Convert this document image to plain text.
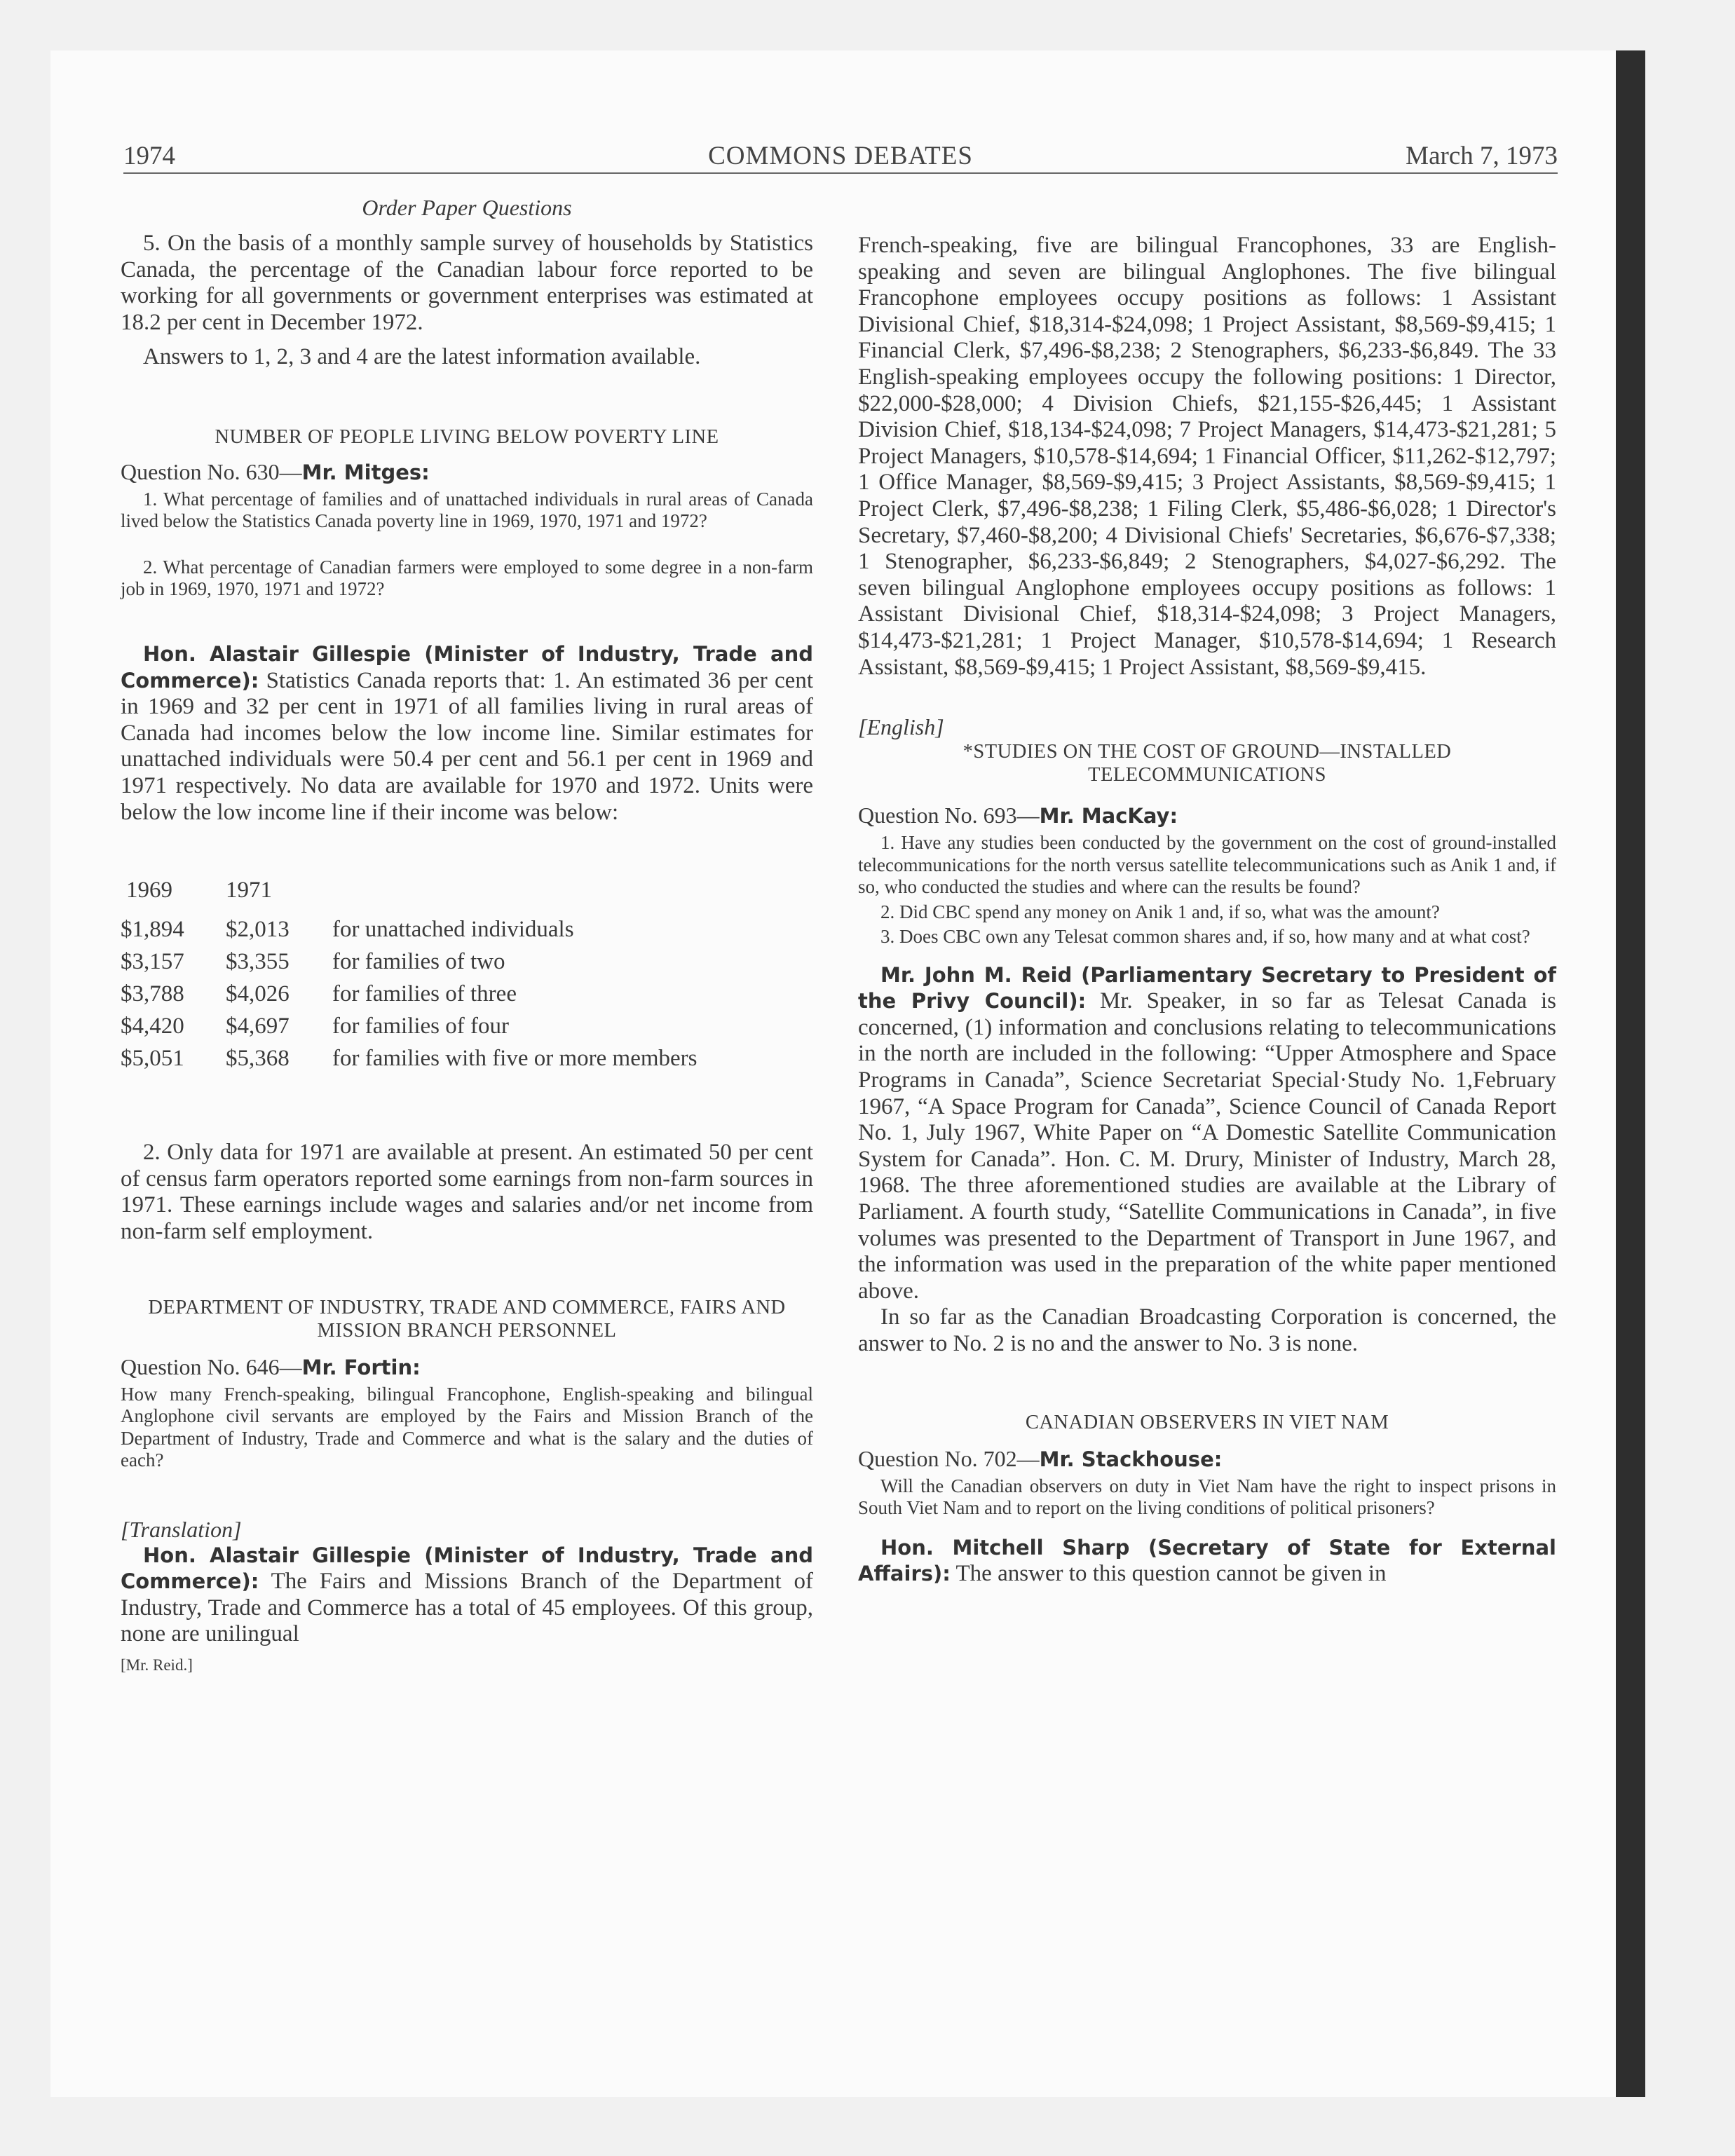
1974	COMMONS DEBATES	March 7, 1973

Order Paper Questions

5. On the basis of a monthly sample survey of households by Statistics Canada, the percentage of the Canadian labour force reported to be working for all governments or government enterprises was estimated at 18.2 per cent in December 1972.

Answers to 1, 2, 3 and 4 are the latest information available.

NUMBER OF PEOPLE LIVING BELOW POVERTY LINE

Question No. 630—Mr. Mitges:

1. What percentage of families and of unattached individuals in rural areas of Canada lived below the Statistics Canada poverty line in 1969, 1970, 1971 and 1972?

2. What percentage of Canadian farmers were employed to some degree in a non-farm job in 1969, 1970, 1971 and 1972?

Hon. Alastair Gillespie (Minister of Industry, Trade and Commerce): Statistics Canada reports that: 1. An estimated 36 per cent in 1969 and 32 per cent in 1971 of all families living in rural areas of Canada had incomes below the low income line. Similar estimates for unattached individuals were 50.4 per cent and 56.1 per cent in 1969 and 1971 respectively. No data are available for 1970 and 1972. Units were below the low income line if their income was below:

1969	1971	

$1,894	$2,013	for unattached individuals
$3,157	$3,355	for families of two
$3,788	$4,026	for families of three
$4,420	$4,697	for families of four
$5,051	$5,368	for families with five or more members

2. Only data for 1971 are available at present. An estimated 50 per cent of census farm operators reported some earnings from non-farm sources in 1971. These earnings include wages and salaries and/or net income from non-farm self employment.

DEPARTMENT OF INDUSTRY, TRADE AND COMMERCE, FAIRS AND MISSION BRANCH PERSONNEL

Question No. 646—Mr. Fortin:

How many French-speaking, bilingual Francophone, English-speaking and bilingual Anglophone civil servants are employed by the Fairs and Mission Branch of the Department of Industry, Trade and Commerce and what is the salary and the duties of each?

[Translation]

Hon. Alastair Gillespie (Minister of Industry, Trade and Commerce): The Fairs and Missions Branch of the Department of Industry, Trade and Commerce has a total of 45 employees. Of this group, none are unilingual

[Mr. Reid.]

French-speaking, five are bilingual Francophones, 33 are English- speaking and seven are bilingual Anglophones. The five bilingual Francophone employees occupy positions as follows: 1 Assistant Divisional Chief, $18,314-$24,098; 1 Project Assistant, $8,569-$9,415; 1 Financial Clerk, $7,496-$8,238; 2 Stenographers, $6,233-$6,849. The 33 English-speaking employees occupy the following positions: 1 Director, $22,000-$28,000; 4 Division Chiefs, $21,155-$26,445; 1 Assistant Division Chief, $18,134-$24,098; 7 Project Managers, $14,473-$21,281; 5 Project Managers, $10,578-$14,694; 1 Financial Officer, $11,262-$12,797; 1 Office Manager, $8,569-$9,415; 3 Project Assistants, $8,569-$9,415; 1 Project Clerk, $7,496-$8,238; 1 Filing Clerk, $5,486-$6,028; 1 Director's Secretary, $7,460-$8,200; 4 Divisional Chiefs' Secretaries, $6,676-$7,338; 1 Stenographer, $6,233-$6,849; 2 Stenographers, $4,027-$6,292. The seven bilingual Anglophone employees occupy positions as follows: 1 Assistant Divisional Chief, $18,314-$24,098; 3 Project Managers, $14,473-$21,281; 1 Project Manager, $10,578-$14,694; 1 Research Assistant, $8,569-$9,415; 1 Project Assistant, $8,569-$9,415.

[English]

*STUDIES ON THE COST OF GROUND—INSTALLED TELECOMMUNICATIONS

Question No. 693—Mr. MacKay:

1. Have any studies been conducted by the government on the cost of ground-installed telecommunications for the north versus satellite telecommunications such as Anik 1 and, if so, who conducted the studies and where can the results be found?

2. Did CBC spend any money on Anik 1 and, if so, what was the amount?

3. Does CBC own any Telesat common shares and, if so, how many and at what cost?

Mr. John M. Reid (Parliamentary Secretary to President of the Privy Council): Mr. Speaker, in so far as Telesat Canada is concerned, (1) information and conclusions relating to telecommunications in the north are included in the following: “Upper Atmosphere and Space Programs in Canada”, Science Secretariat Special·Study No. 1,February 1967, “A Space Program for Canada”, Science Council of Canada Report No. 1, July 1967, White Paper on “A Domestic Satellite Communication System for Canada”. Hon. C. M. Drury, Minister of Industry, March 28, 1968. The three aforementioned studies are available at the Library of Parliament. A fourth study, “Satellite Communications in Canada”, in five volumes was presented to the Department of Transport in June 1967, and the information was used in the preparation of the white paper mentioned above.

In so far as the Canadian Broadcasting Corporation is concerned, the answer to No. 2 is no and the answer to No. 3 is none.

CANADIAN OBSERVERS IN VIET NAM

Question No. 702—Mr. Stackhouse:

Will the Canadian observers on duty in Viet Nam have the right to inspect prisons in South Viet Nam and to report on the living conditions of political prisoners?

Hon. Mitchell Sharp (Secretary of State for External Affairs): The answer to this question cannot be given in
